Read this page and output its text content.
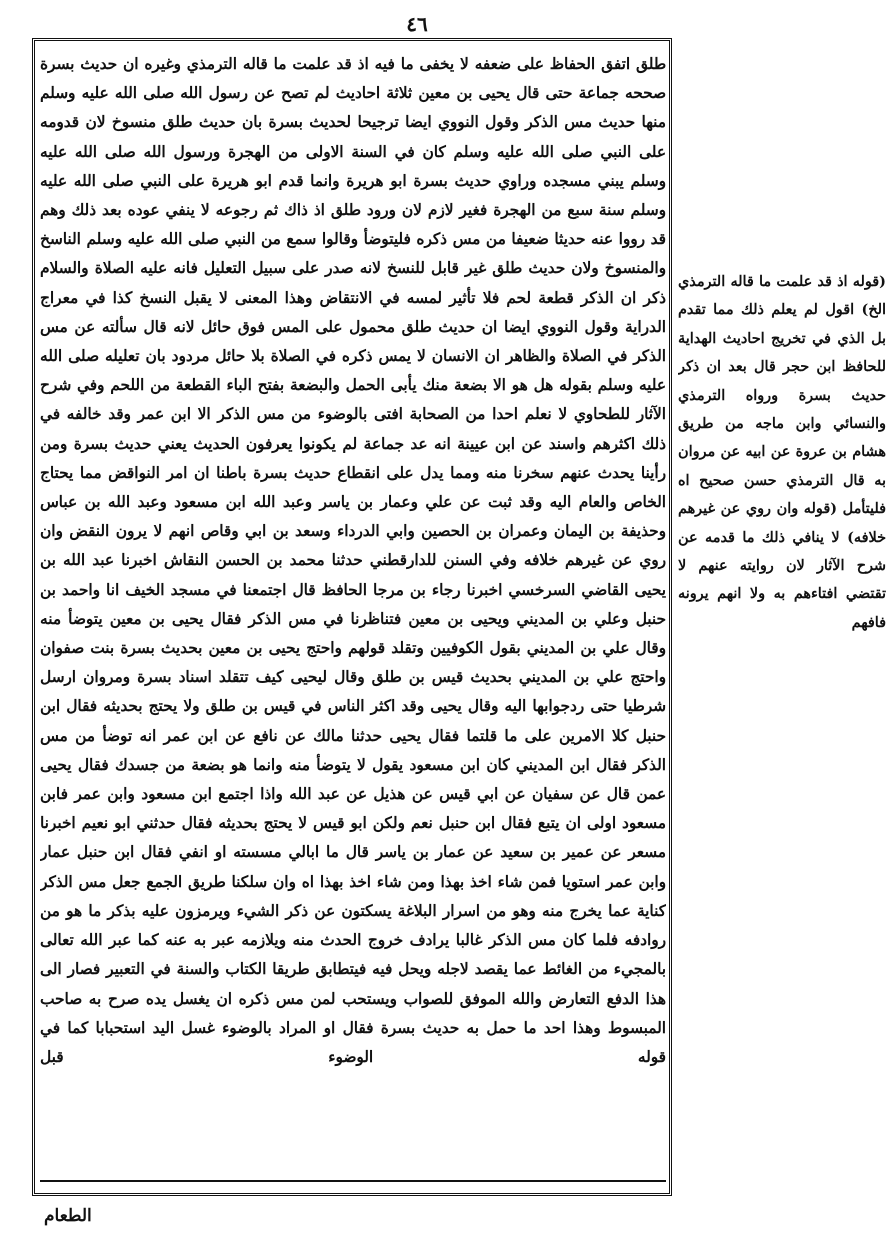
٤٦
طلق اتفق الحفاظ على ضعفه لا يخفى ما فيه اذ قد علمت ما قاله الترمذي وغيره ان حديث بسرة صححه جماعة حتى قال يحيى بن معين ثلاثة احاديث لم تصح عن رسول الله صلى الله عليه وسلم منها حديث مس الذكر وقول النووي ايضا ترجيحا لحديث بسرة بان حديث طلق منسوخ لان قدومه على النبي صلى الله عليه وسلم كان في السنة الاولى من الهجرة ورسول الله صلى الله عليه وسلم يبني مسجده وراوي حديث بسرة ابو هريرة وانما قدم ابو هريرة على النبي صلى الله عليه وسلم سنة سبع من الهجرة فغير لازم لان ورود طلق اذ ذاك ثم رجوعه لا ينفي عوده بعد ذلك وهم قد رووا عنه حديثا ضعيفا من مس ذكره فليتوضأ وقالوا سمع من النبي صلى الله عليه وسلم الناسخ والمنسوخ ولان حديث طلق غير قابل للنسخ لانه صدر على سبيل التعليل فانه عليه الصلاة والسلام ذكر ان الذكر قطعة لحم فلا تأثير لمسه في الانتقاض وهذا المعنى لا يقبل النسخ كذا في معراج الدراية وقول النووي ايضا ان حديث طلق محمول على المس فوق حائل لانه قال سألته عن مس الذكر في الصلاة والظاهر ان الانسان لا يمس ذكره في الصلاة بلا حائل مردود بان تعليله صلى الله عليه وسلم بقوله هل هو الا بضعة منك يأبى الحمل والبضعة بفتح الباء القطعة من اللحم وفي شرح الآثار للطحاوي لا نعلم احدا من الصحابة افتى بالوضوء من مس الذكر الا ابن عمر وقد خالفه في ذلك اكثرهم واسند عن ابن عيينة انه عد جماعة لم يكونوا يعرفون الحديث يعني حديث بسرة ومن رأينا يحدث عنهم سخرنا منه ومما يدل على انقطاع حديث بسرة باطنا ان امر النواقض مما يحتاج الخاص والعام اليه وقد ثبت عن علي وعمار بن ياسر وعبد الله ابن مسعود وعبد الله بن عباس وحذيفة بن اليمان وعمران بن الحصين وابي الدرداء وسعد بن ابي وقاص انهم لا يرون النقض وان روي عن غيرهم خلافه وفي السنن للدارقطني حدثنا محمد بن الحسن النقاش اخبرنا عبد الله بن يحيى القاضي السرخسي اخبرنا رجاء بن مرجا الحافظ قال اجتمعنا في مسجد الخيف انا واحمد بن حنبل وعلي بن المديني ويحيى بن معين فتناظرنا في مس الذكر فقال يحيى بن معين يتوضأ منه وقال علي بن المديني بقول الكوفيين وتقلد قولهم واحتج يحيى بن معين بحديث بسرة بنت صفوان واحتج علي بن المديني بحديث قيس بن طلق وقال ليحيى كيف تتقلد اسناد بسرة ومروان ارسل شرطيا حتى ردجوابها اليه وقال يحيى وقد اكثر الناس في قيس بن طلق ولا يحتج بحديثه فقال ابن حنبل كلا الامرين على ما قلتما فقال يحيى حدثنا مالك عن نافع عن ابن عمر انه توضأ من مس الذكر فقال ابن المديني كان ابن مسعود يقول لا يتوضأ منه وانما هو بضعة من جسدك فقال يحيى عمن قال عن سفيان عن ابي قيس عن هذيل عن عبد الله واذا اجتمع ابن مسعود وابن عمر فابن مسعود اولى ان يتبع فقال ابن حنبل نعم ولكن ابو قيس لا يحتج بحديثه فقال حدثني ابو نعيم اخبرنا مسعر عن عمير بن سعيد عن عمار بن ياسر قال ما ابالي مسسته او انفي فقال ابن حنبل عمار وابن عمر استويا فمن شاء اخذ بهذا ومن شاء اخذ بهذا اه وان سلكنا طريق الجمع جعل مس الذكر كناية عما يخرج منه وهو من اسرار البلاغة يسكتون عن ذكر الشيء ويرمزون عليه بذكر ما هو من روادفه فلما كان مس الذكر غالبا يرادف خروج الحدث منه ويلازمه عبر به عنه كما عبر الله تعالى بالمجيء من الغائط عما يقصد لاجله ويحل فيه فيتطابق طريقا الكتاب والسنة في التعبير فصار الى هذا الدفع التعارض والله الموفق للصواب ويستحب لمن مس ذكره ان يغسل يده صرح به صاحب المبسوط وهذا احد ما حمل به حديث بسرة فقال او المراد بالوضوء غسل اليد استحبابا كما في قوله الوضوء قبل
الطعام
(قوله اذ قد علمت ما قاله الترمذي الخ) اقول لم يعلم ذلك مما تقدم بل الذي في تخريج احاديث الهداية للحافظ ابن حجر قال بعد ان ذكر حديث بسرة ورواه الترمذي والنسائي وابن ماجه من طريق هشام بن عروة عن ابيه عن مروان به قال الترمذي حسن صحيح اه فليتأمل (قوله وان روي عن غيرهم خلافه) لا ينافي ذلك ما قدمه عن شرح الآثار لان روايته عنهم لا تقتضي افتاءهم به ولا انهم يرونه فافهم
